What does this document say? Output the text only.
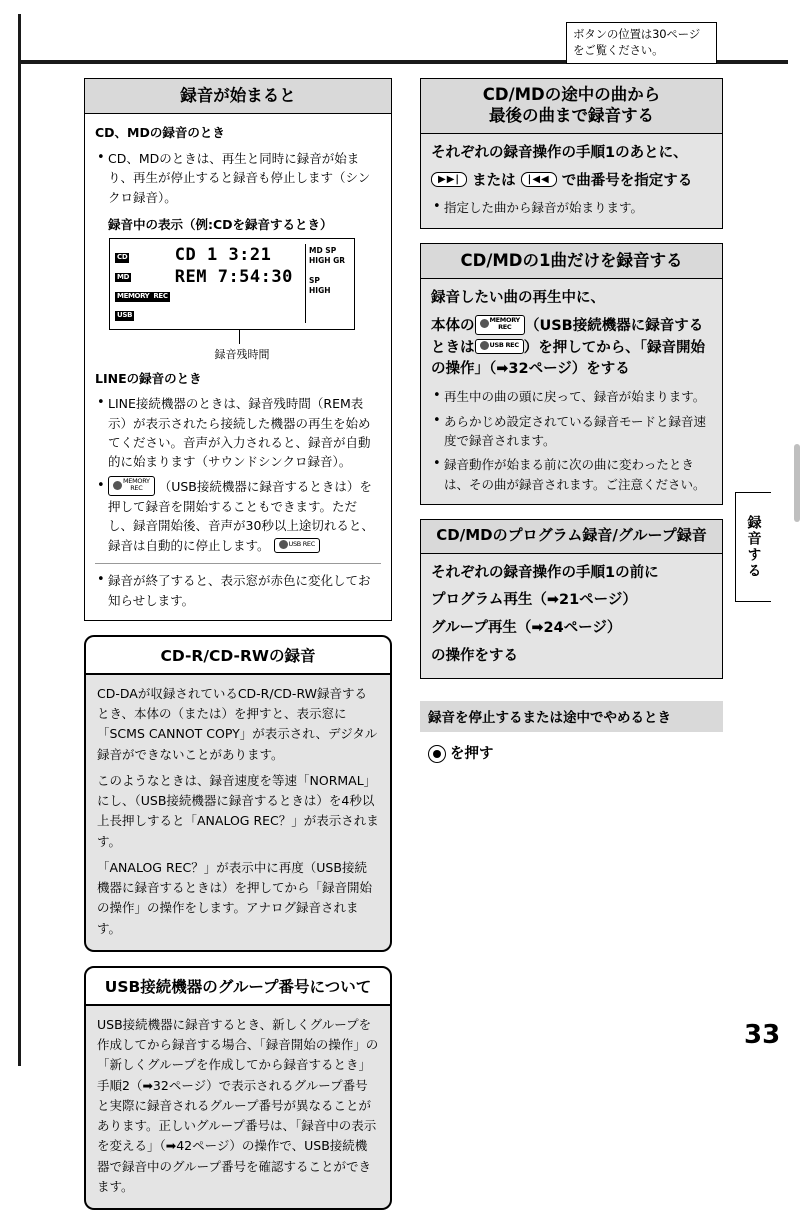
ボタンの位置は30ページ
をご覧ください。
録音が始まると

CD、MDの録音のとき

• CD、MDのときは、再生と同時に録音が始まり、再生が停止すると録音も停止します（シンクロ録音）。
録音中の表示（例:CDを録音するとき）
CD
MD
MEMORY REC
USB
CD 1 3:21
REM 7:54:30
MD SP
HIGH GR
SP
HIGH
録音残時間

LINEの録音のとき

• LINE接続機器のときは、録音残時間（REM表示）が表示されたら接続した機器の再生を始めてください。音声が入力されると、録音が自動的に始まります（サウンドシンクロ録音）。
• MEMORY
REC （USB接続機器に録音するときは）を押して録音を開始することもできます。ただし、録音開始後、音声が30秒以上途切れると、録音は自動的に停止します。	USB REC
• 録音が終了すると、表示窓が赤色に変化してお知らせします。
CD-R/CD-RWの録音

CD-DAが収録されているCD-R/CD-RW録音するとき、本体の（または）を押すと、表示窓に「SCMS CANNOT COPY」が表示され、デジタル録音ができないことがあります。

このようなときは、録音速度を等速「NORMAL」にし、（USB接続機器に録音するときは）を4秒以上長押しすると「ANALOG REC？」が表示されます。

「ANALOG REC？」が表示中に再度（USB接続機器に録音するときは）を押してから「録音開始の操作」の操作をします。アナログ録音されます。

USB接続機器のグループ番号について

USB接続機器に録音するとき、新しくグループを作成してから録音する場合、「録音開始の操作」の「新しくグループを作成してから録音するとき」手順2（➡32ページ）で表示されるグループ番号と実際に録音されるグループ番号が異なることがあります。正しいグループ番号は、「録音中の表示を変える」（➡42ページ）の操作で、USB接続機器で録音中のグループ番号を確認することができます。

CD/MDの途中の曲から
最後の曲まで録音する

それぞれの録音操作の手順1のあとに、

▶▶| または |◀◀ で曲番号を指定する

• 指定した曲から録音が始まります。
CD/MDの1曲だけを録音する

録音したい曲の再生中に、

本体の MEMORY
REC （USB接続機器に録音するときは USB REC ）を押してから、「録音開始の操作」（➡32ページ）をする

• 再生中の曲の頭に戻って、録音が始まります。
• あらかじめ設定されている録音モードと録音速度で録音されます。
• 録音動作が始まる前に次の曲に変わったときは、その曲が録音されます。ご注意ください。
CD/MDのプログラム録音/グループ録音

それぞれの録音操作の手順1の前に

プログラム再生（➡21ページ）

グループ再生（➡24ページ）

の操作をする

録音を停止するまたは途中でやめるとき
を押す
録音する
33
